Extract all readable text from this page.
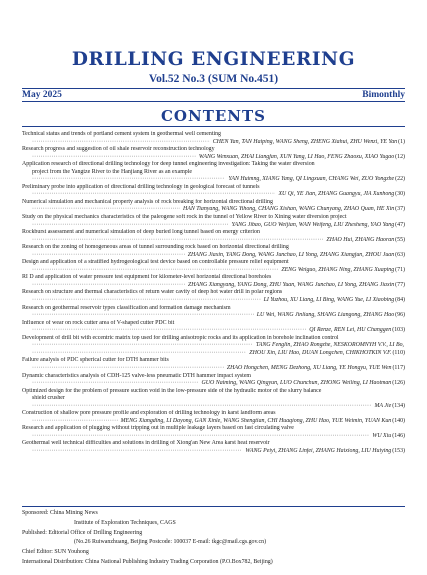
DRILLING ENGINEERING
Vol.52 No.3 (SUM No.451)
May 2025	Bimonthly
CONTENTS
Technical status and trends of portland cement system in geothermal well cementing
·····
CHEN Yan, TAN Haiping, WANG Sheng, ZHENG Xiahui, ZHU Wenzi, YE Yan (1)
Research progress and suggestion of oil shale reservoir reconstruction technology
·····
WANG Wenxuan, ZHAI Liangfan, XUN Yang, LI Hao, FENG Zhaoxu, XIAO Yugao (12)
Application research of directional drilling technology for deep tunnel engineering investigation: Taking the water diversion
project from the Yangtze River to the Hanjiang River as an example
·····
YAN Huimng, XIANG Yang, QI Lingxuan, CHANG Wei, ZUO Yongzhe (22)
Preliminary probe into application of directional drilling technology in geological forecast of tunnels
·····
XU Qi, YE Jian, ZHANG Guangyu, JIA Xunhong (30)
Numerical simulation and mechanical property analysis of rock breaking for horizontal directional drilling
·····
HAN Tianyang, WANG Yihong, CHANG Xishan, WANG Chunyang, ZHAO Quan, HE Xin (37)
Study on the physical mechanics characteristics of the paleogene soft rock in the tunnel of Yellow River to Xining water diversion project
·····
YANG Jibao, GUO Weijian, WAN Weifeng, LIU Zhesheng, YAO Yang (47)
Rockburst assessment and numerical simulation of deep buried long tunnel based on energy criterion
·····
ZHAO Hui, ZHANG Haoran (55)
Research on the zoning of homogeneous areas of tunnel surrounding rock based on horizontal directional drilling
·····
ZHANG Jiaxin, YANG Dong, WANG Junchao, LI Yong, ZHANG Xiangjun, ZHOU Juan (63)
Design and application of a stratified hydrogeological test device based on controllable pressure relief equipment
·····
ZENG Weiguo, ZHANG Ning, ZHANG Xuaping (71)
RI D and application of water pressure test equipment for kilometer-level horizontal directional boreholes
·····
ZHANG Xiangyang, YANG Dong, ZHU Yuan, WANG Junchao, LI Yong, ZHANG Jiaxin (77)
Research on structure and thermal characteristics of return water cavity of deep hot water drill in polar regions
·····
LI Yuzhou, XU Liang, LI Bing, WANG Yue, LI Xiaobing (84)
Research on geothermal reservoir types classification and formation damage mechanism
·····
LU Wei, WANG Jinliang, SHANG Liangong, ZHANG Hao (96)
Influence of wear on rock cutter area of V-shaped cutter PDC bit
·····
QI Renze, REN Lei, HU Changgen (103)
Development of drill bit with eccentric matrix top used for drilling anisotropic rocks and its application in borehole inclination control
·····
TANG Fenglin, ZHAO Rongzhe, NESKOROMNYH V.V., LI Bo,
·····
ZHOU Xin, LIU Hao, DUAN Longchen, CHIKHOTKIN V.F. (110)
Failure analysis of PDC spherical cutter for DTH hammer bits
·····
ZHAO Hongchen, MENG Dezhong, XU Liang, YE Hongyu, YUE Wen (117)
Dynamic characteristics analysis of CDH-125 valve-less pneumatic DTH hammer impact system
·····
GUO Naiming, WANG Qingyun, LUO Chunchun, ZHONG Weiling, LI Haotman (126)
Optimized design for the problem of pressure suction void in the low-pressure side of the hydraulic motor of the slurry balance
shield crusher
·····
MA Jie (134)
Construction of shallow pore pressure profile and exploration of drilling technology in karst landform areas
·····
MENG Xiangding, LI Dayong, GAN Xinle, WANG Shengtian, CHI Huaqiong, ZHU Hao, YUE Weimin, YUAN Kun (140)
Research and application of plugging without tripping out in multiple leakage layers based on fast circulating valve
·····
WU Xiu (146)
Geothermal well technical difficulties and solutions in drilling of Xiong'an New Area karst heat reservoir
·····
WANG Peiyi, ZHANG Linfei, ZHANG Haixiong, LIU Huiying (153)
Sponsored: China Mining News
Institute of Exploration Techniques, CAGS
Published: Editorial Office of Drilling Engineering
(No.26 Ruiwanzhuang, Beijing Postcode: 100037 E-mail: tkgc@mail.cgs.gov.cn)
Chief Editor: SUN Youhong
International Distribution: China National Publishing Industry Trading Corporation (P.O.Box782, Beijing)
